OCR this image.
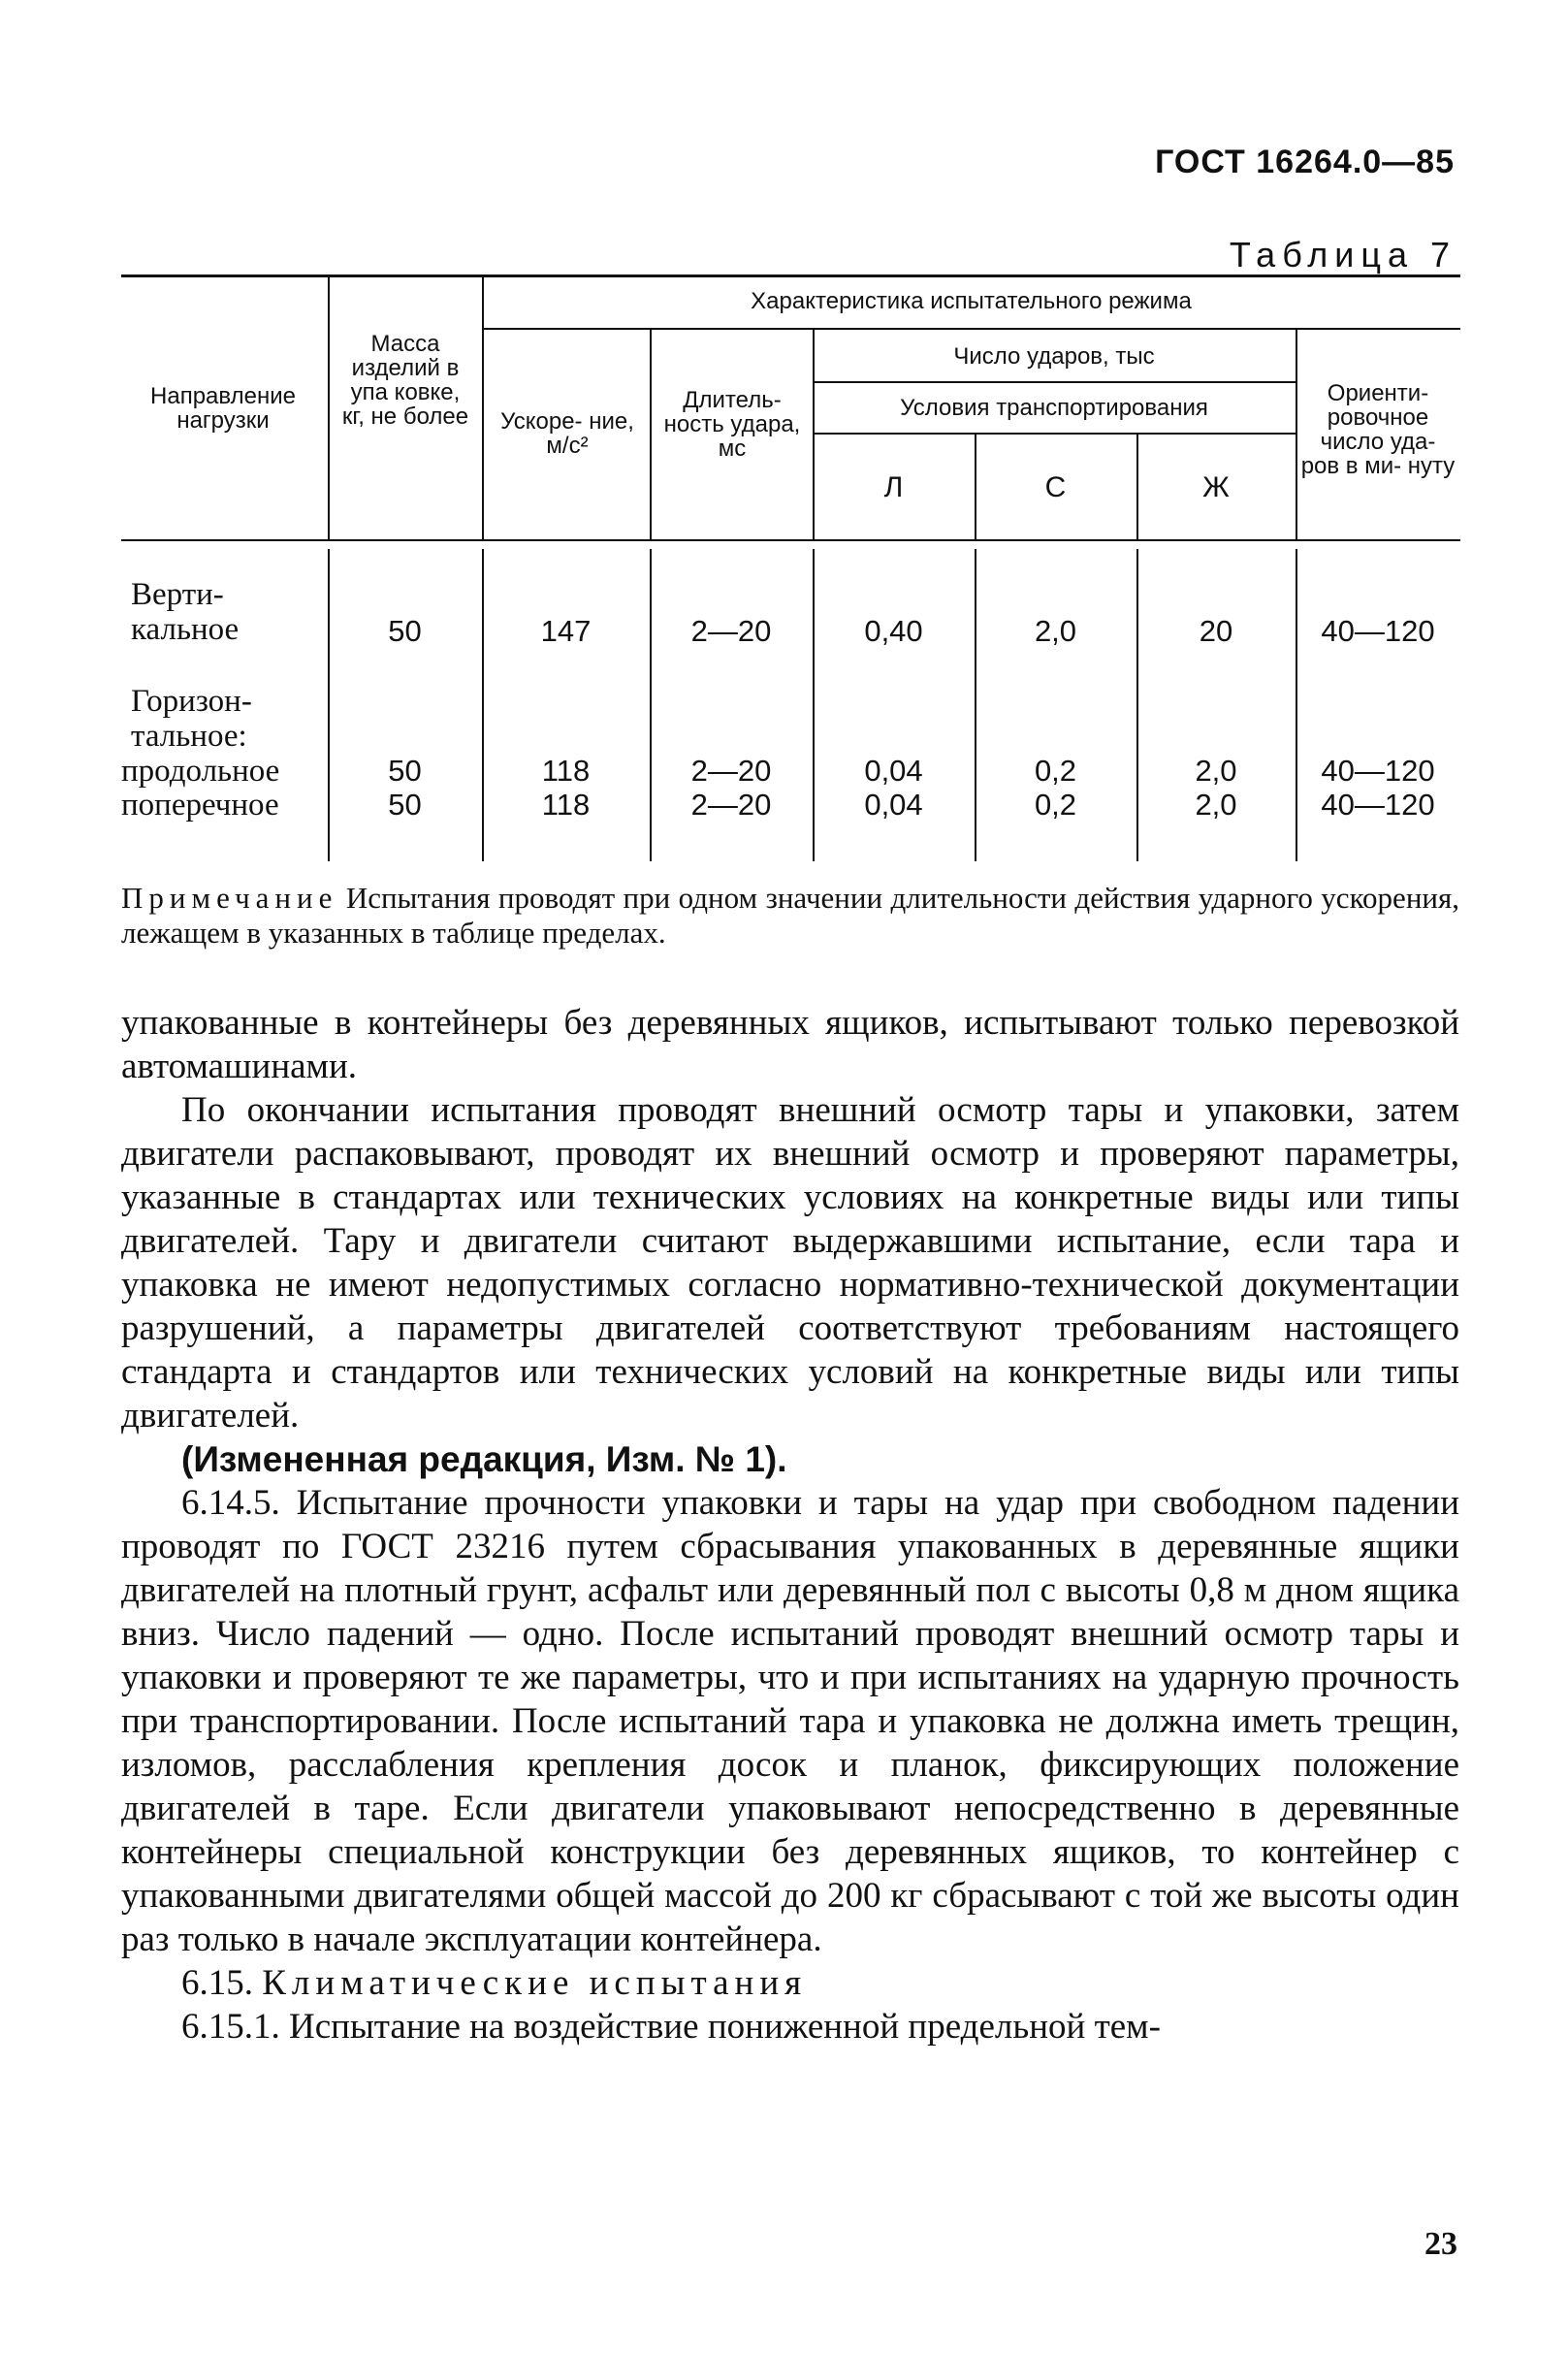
ГОСТ 16264.0—85
Таблица 7
Направление нагрузки
Масса изделий в упа ковке, кг, не более
Характеристика испытательного режима
Ускоре- ние, м/с²
Длитель- ность удара, мс
Число ударов, тыс
Условия транспортирования
Л	С	Ж
Ориенти- ровочное число уда- ров в ми- нуту
Верти- кальное	50	147	2—20	0,40	2,0	20	40—120
Горизон- тальное:
продольное	50	118	2—20	0,04	0,2	2,0	40—120
поперечное	50	118	2—20	0,04	0,2	2,0	40—120
Примечание Испытания проводят при одном значении длительности действия ударного ускорения, лежащем в указанных в таблице пределах.

упакованные в контейнеры без деревянных ящиков, испытывают только перевозкой автомашинами.

По окончании испытания проводят внешний осмотр тары и упаковки, затем двигатели распаковывают, проводят их внешний осмотр и проверяют параметры, указанные в стандартах или технических условиях на конкретные виды или типы двигателей. Тару и двигатели считают выдержавшими испытание, если тара и упаковка не имеют недопустимых согласно нормативно-технической документации разрушений, а параметры двигателей соответствуют требованиям настоящего стандарта и стандартов или технических условий на конкретные виды или типы двигателей.

(Измененная редакция, Изм. № 1).

6.14.5. Испытание прочности упаковки и тары на удар при свободном падении проводят по ГОСТ 23216 путем сбрасывания упакованных в деревянные ящики двигателей на плотный грунт, асфальт или деревянный пол с высоты 0,8 м дном ящика вниз. Число падений — одно. После испытаний проводят внешний осмотр тары и упаковки и проверяют те же параметры, что и при испытаниях на ударную прочность при транспортировании. После испытаний тара и упаковка не должна иметь трещин, изломов, расслабления крепления досок и планок, фиксирующих положение двигателей в таре. Если двигатели упаковывают непосредственно в деревянные контейнеры специальной конструкции без деревянных ящиков, то контейнер с упакованными двигателями общей массой до 200 кг сбрасывают с той же высоты один раз только в начале эксплуатации контейнера.

6.15. Климатические испытания

6.15.1. Испытание на воздействие пониженной предельной тем-

23
